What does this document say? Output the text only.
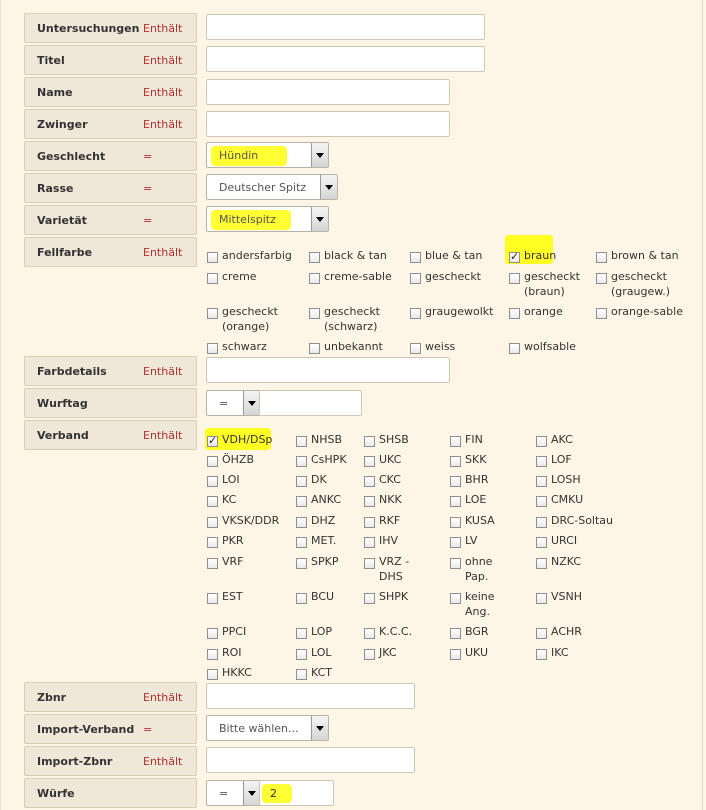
Untersuchungen Enthält
Titel	Enthält
Name	Enthält
Zwinger	Enthält
Geschlecht	=
Rasse	=
Varietät	=
Fellfarbe	Enthält
Farbdetails	Enthält
Wurftag
Verband	Enthält
Zbnr	Enthält
Import-Verband =
Import-Zbnr	Enthält
Würfe
Hündin
Deutscher Spitz
Mittelspitz
=
Bitte wählen...
=	2
andersfarbig	black & tan	blue & tan
✓	braun	brown & tan
creme	creme-sable	gescheckt	gescheckt (braun)
gescheckt (graugew.)
gescheckt (orange)
gescheckt (schwarz)
graugewolkt	orange	orange-sable
schwarz	unbekannt	weiss	wolfsable
✓
VDH/DSp	NHSB	SHSB	FIN	AKC
ÖHZB	CsHPK	UKC	SKK	LOF
LOI	DK	CKC	BHR	LOSH
KC	ANKC	NKK	LOE	CMKU
VKSK/DDR	DHZ	RKF	KUSA	DRC-Soltau
PKR	MET.	IHV	LV	URCI
VRF	SPKP	VRZ - DHS
ohne Pap.
NZKC
EST	BCU	SHPK	keine Ang.
VSNH
PPCI	LOP	K.C.C.	BGR	ACHR
ROI	LOL	JKC	UKU	IKC
HKKC	KCT
